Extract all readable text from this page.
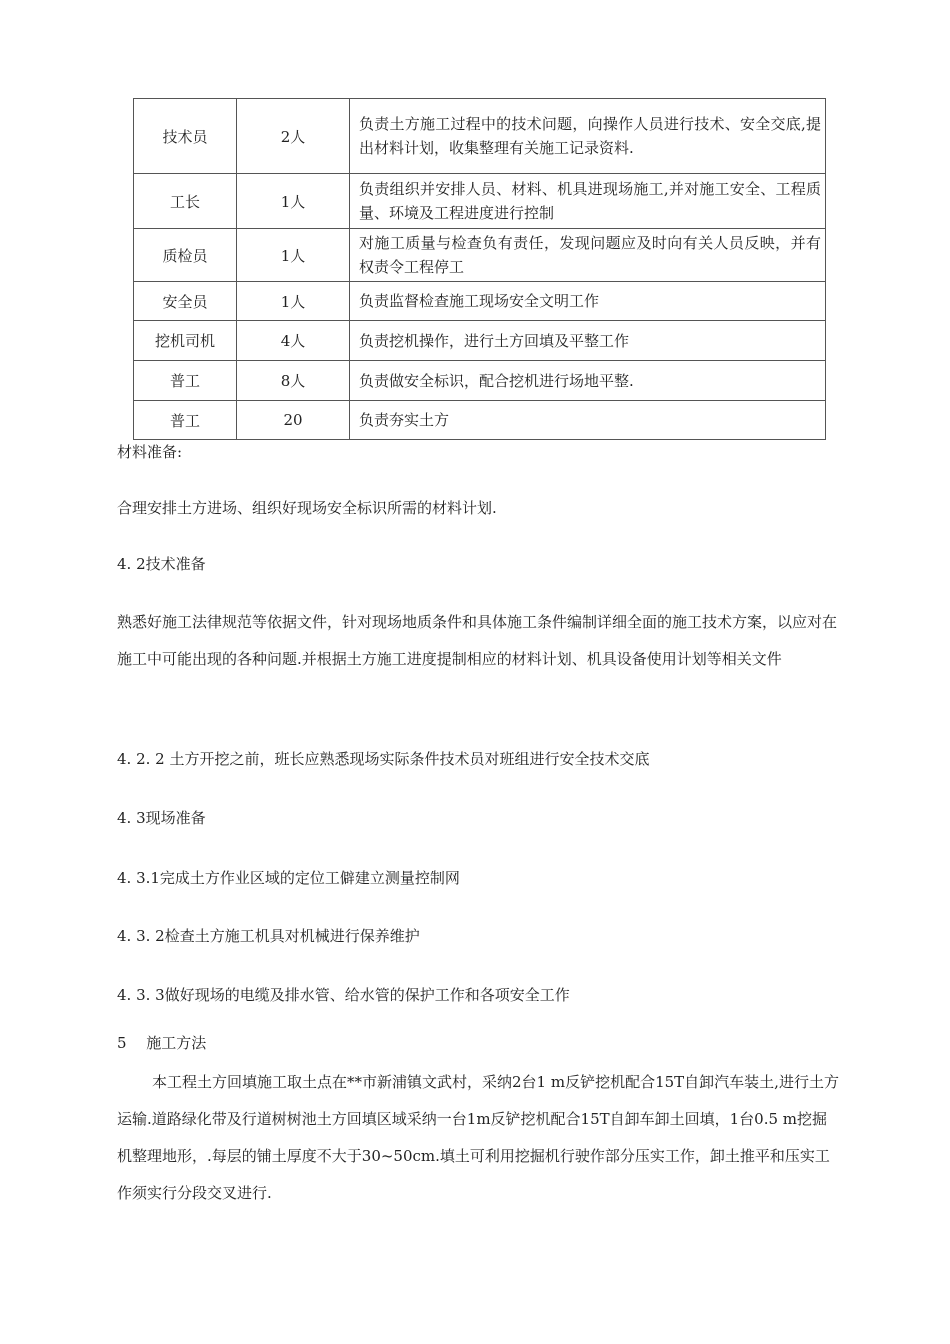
技术员	2人	负责土方施工过程中的技术问题，向操作人员进行技术、安全交底,提出材料计划，收集整理有关施工记录资料.
工长	1人	负责组织并安排人员、材料、机具进现场施工,并对施工安全、工程质量、环境及工程进度进行控制
质检员	1人	对施工质量与检查负有责任，发现问题应及时向有关人员反映，并有权责令工程停工
安全员	1人	负责监督检查施工现场安全文明工作
挖机司机	4人	负责挖机操作，进行土方回填及平整工作
普工	8人	负责做安全标识，配合挖机进行场地平整.
普工	20	负责夯实土方

材料准备:

合理安排土方进场、组织好现场安全标识所需的材料计划.

4. 2技术准备

熟悉好施工法律规范等依据文件，针对现场地质条件和具体施工条件编制详细全面的施工技术方案，以应对在施工中可能出现的各种问题.并根据土方施工进度提制相应的材料计划、机具设备使用计划等相关文件

4. 2. 2 土方开挖之前，班长应熟悉现场实际条件技术员对班组进行安全技术交底

4. 3现场准备

4. 3.1完成土方作业区域的定位工僻建立测量控制网

4. 3. 2检查土方施工机具对机械进行保养维护

4. 3. 3做好现场的电缆及排水管、给水管的保护工作和各项安全工作

5　 施工方法

本工程土方回填施工取土点在**市新浦镇文武村，采纳2台1 m反铲挖机配合15T自卸汽车装土,进行土方运输.道路绿化带及行道树树池土方回填区域采纳一台1m反铲挖机配合15T自卸车卸土回填，1台0.5 m挖掘机整理地形，.每层的铺土厚度不大于30~50cm.填土可利用挖掘机行驶作部分压实工作，卸土推平和压实工作须实行分段交叉进行.
